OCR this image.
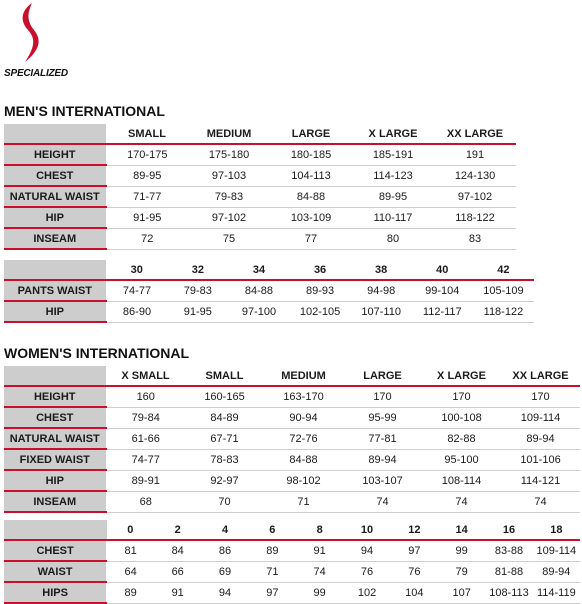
SPECIALIZED
MEN'S INTERNATIONAL
	SMALL	MEDIUM	LARGE	X LARGE	XX LARGE
HEIGHT	170-175	175-180	180-185	185-191	191
CHEST	89-95	97-103	104-113	114-123	124-130
NATURAL WAIST	71-77	79-83	84-88	89-95	97-102
HIP	91-95	97-102	103-109	110-117	118-122
INSEAM	72	75	77	80	83
	30	32	34	36	38	40	42
PANTS WAIST	74-77	79-83	84-88	89-93	94-98	99-104	105-109
HIP	86-90	91-95	97-100	102-105	107-110	112-117	118-122
WOMEN'S INTERNATIONAL
	X SMALL	SMALL	MEDIUM	LARGE	X LARGE	XX LARGE
HEIGHT	160	160-165	163-170	170	170	170
CHEST	79-84	84-89	90-94	95-99	100-108	109-114
NATURAL WAIST	61-66	67-71	72-76	77-81	82-88	89-94
FIXED WAIST	74-77	78-83	84-88	89-94	95-100	101-106
HIP	89-91	92-97	98-102	103-107	108-114	114-121
INSEAM	68	70	71	74	74	74
	0	2	4	6	8	10	12	14	16	18
CHEST	81	84	86	89	91	94	97	99	83-88	109-114
WAIST	64	66	69	71	74	76	76	79	81-88	89-94
HIPS	89	91	94	97	99	102	104	107	108-113	114-119
